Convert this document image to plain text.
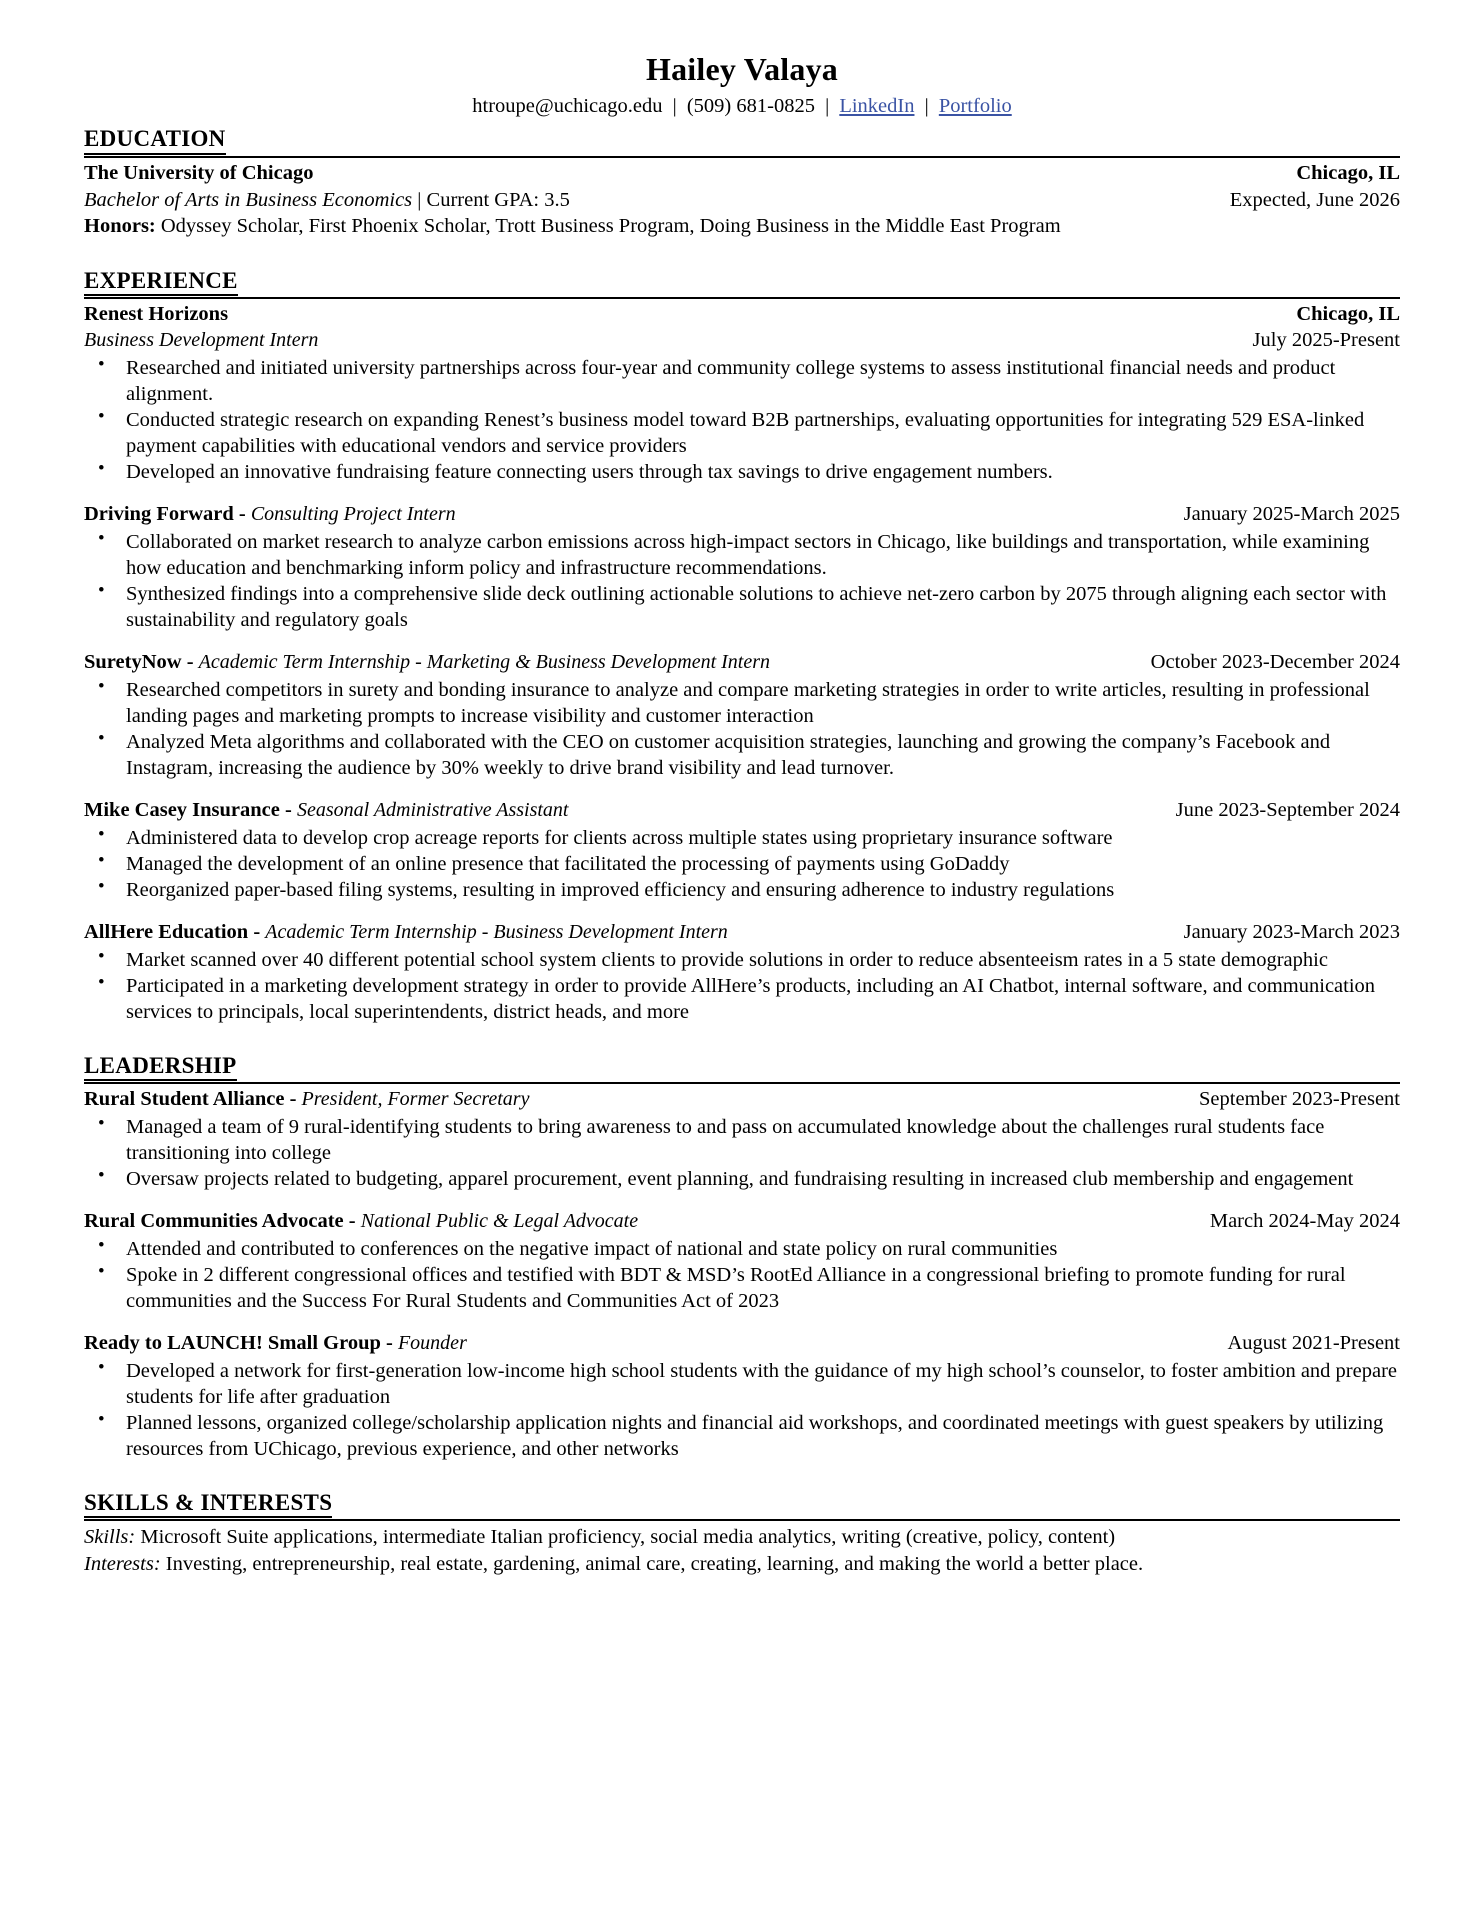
Hailey Valaya
htroupe@uchicago.edu | (509) 681-0825 | LinkedIn | Portfolio
EDUCATION
The University of Chicago	Chicago, IL
Bachelor of Arts in Business Economics | Current GPA: 3.5	Expected, June 2026
Honors: Odyssey Scholar, First Phoenix Scholar, Trott Business Program, Doing Business in the Middle East Program
EXPERIENCE
Renest Horizons	Chicago, IL
Business Development Intern	July 2025-Present
• Researched and initiated university partnerships across four-year and community college systems to assess institutional financial needs and product alignment.
• Conducted strategic research on expanding Renest’s business model toward B2B partnerships, evaluating opportunities for integrating 529 ESA-linked payment capabilities with educational vendors and service providers
• Developed an innovative fundraising feature connecting users through tax savings to drive engagement numbers.
Driving Forward - Consulting Project Intern	January 2025-March 2025
• Collaborated on market research to analyze carbon emissions across high-impact sectors in Chicago, like buildings and transportation, while examining how education and benchmarking inform policy and infrastructure recommendations.
• Synthesized findings into a comprehensive slide deck outlining actionable solutions to achieve net-zero carbon by 2075 through aligning each sector with sustainability and regulatory goals
SuretyNow - Academic Term Internship - Marketing & Business Development Intern	October 2023-December 2024
• Researched competitors in surety and bonding insurance to analyze and compare marketing strategies in order to write articles, resulting in professional landing pages and marketing prompts to increase visibility and customer interaction
• Analyzed Meta algorithms and collaborated with the CEO on customer acquisition strategies, launching and growing the company’s Facebook and Instagram, increasing the audience by 30% weekly to drive brand visibility and lead turnover.
Mike Casey Insurance - Seasonal Administrative Assistant	June 2023-September 2024
• Administered data to develop crop acreage reports for clients across multiple states using proprietary insurance software
• Managed the development of an online presence that facilitated the processing of payments using GoDaddy
• Reorganized paper-based filing systems, resulting in improved efficiency and ensuring adherence to industry regulations
AllHere Education - Academic Term Internship - Business Development Intern	January 2023-March 2023
• Market scanned over 40 different potential school system clients to provide solutions in order to reduce absenteeism rates in a 5 state demographic
• Participated in a marketing development strategy in order to provide AllHere’s products, including an AI Chatbot, internal software, and communication services to principals, local superintendents, district heads, and more
LEADERSHIP
Rural Student Alliance - President, Former Secretary	September 2023-Present
• Managed a team of 9 rural-identifying students to bring awareness to and pass on accumulated knowledge about the challenges rural students face transitioning into college
• Oversaw projects related to budgeting, apparel procurement, event planning, and fundraising resulting in increased club membership and engagement
Rural Communities Advocate - National Public & Legal Advocate	March 2024-May 2024
• Attended and contributed to conferences on the negative impact of national and state policy on rural communities
• Spoke in 2 different congressional offices and testified with BDT & MSD’s RootEd Alliance in a congressional briefing to promote funding for rural communities and the Success For Rural Students and Communities Act of 2023
Ready to LAUNCH! Small Group - Founder	August 2021-Present
• Developed a network for first-generation low-income high school students with the guidance of my high school’s counselor, to foster ambition and prepare students for life after graduation
• Planned lessons, organized college/scholarship application nights and financial aid workshops, and coordinated meetings with guest speakers by utilizing resources from UChicago, previous experience, and other networks
SKILLS & INTERESTS
Skills: Microsoft Suite applications, intermediate Italian proficiency, social media analytics, writing (creative, policy, content)
Interests: Investing, entrepreneurship, real estate, gardening, animal care, creating, learning, and making the world a better place.
